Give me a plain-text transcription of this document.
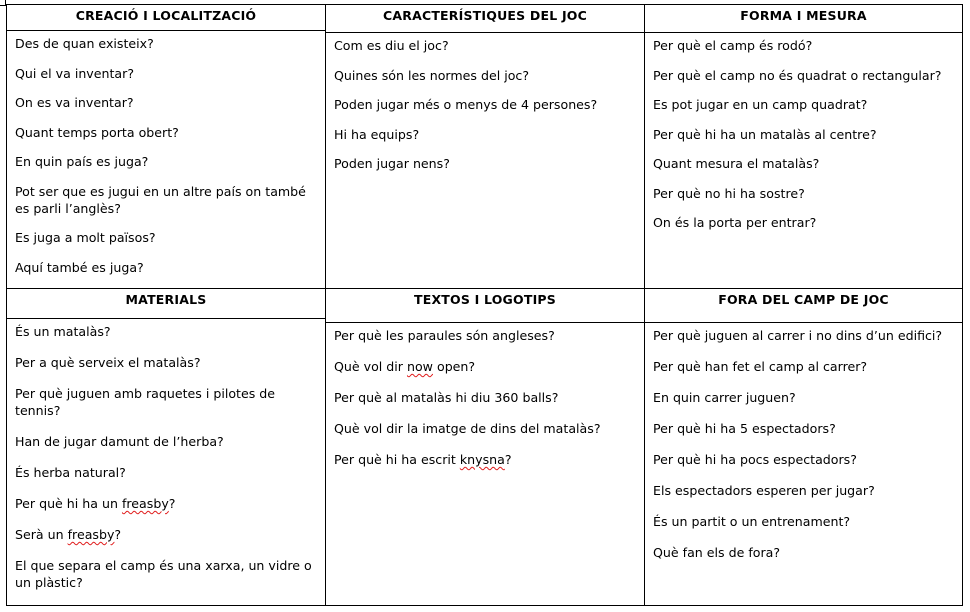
CREACIÓ I LOCALITZACIÓ
Des de quan existeix?
Qui el va inventar?
On es va inventar?
Quant temps porta obert?
En quin país es juga?
Pot ser que es jugui en un altre país on també es parli l’anglès?
Es juga a molt països?
Aquí també es juga?
CARACTERÍSTIQUES DEL JOC
Com es diu el joc?
Quines són les normes del joc?
Poden jugar més o menys de 4 persones?
Hi ha equips?
Poden jugar nens?
FORMA I MESURA
Per què el camp és rodó?
Per què el camp no és quadrat o rectangular?
Es pot jugar en un camp quadrat?
Per què hi ha un matalàs al centre?
Quant mesura el matalàs?
Per què no hi ha sostre?
On és la porta per entrar?
MATERIALS
És un matalàs?
Per a què serveix el matalàs?
Per què juguen amb raquetes i pilotes de tennis?
Han de jugar damunt de l’herba?
És herba natural?
Per què hi ha un freasby?
Serà un freasby?
El que separa el camp és una xarxa, un vidre o un plàstic?
TEXTOS I LOGOTIPS
Per què les paraules són angleses?
Què vol dir now open?
Per què al matalàs hi diu 360 balls?
Què vol dir la imatge de dins del matalàs?
Per què hi ha escrit knysna?
FORA DEL CAMP DE JOC
Per què juguen al carrer i no dins d’un edifici?
Per què han fet el camp al carrer?
En quin carrer juguen?
Per què hi ha 5 espectadors?
Per què hi ha pocs espectadors?
Els espectadors esperen per jugar?
És un partit o un entrenament?
Què fan els de fora?
